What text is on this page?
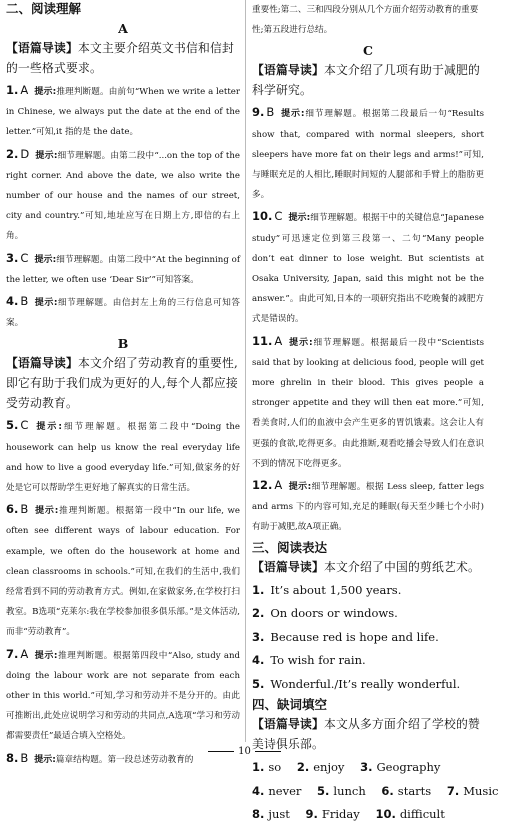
二、阅读理解
A

【语篇导读】本文主要介绍英文书信和信封的一些格式要求。

1. A 提示:推理判断题。由前句“When we write a letter in Chinese, we always put the date at the end of the letter.”可知,it 指的是 the date。

2. D 提示:细节理解题。由第二段中“...on the top of the right corner. And above the date, we also write the number of our house and the names of our street, city and country.”可知,地址应写在日期上方,即信的右上角。

3. C 提示:细节理解题。由第二段中“At the beginning of the letter, we often use ‘Dear Sir’”可知答案。

4. B 提示:细节理解题。由信封左上角的三行信息可知答案。

B

【语篇导读】本文介绍了劳动教育的重要性,即它有助于我们成为更好的人,每个人都应接受劳动教育。

5. C 提示:细节理解题。根据第二段中“Doing the housework can help us know the real everyday life and how to live a good everyday life.”可知,做家务的好处是它可以帮助学生更好地了解真实的日常生活。

6. B 提示:推理判断题。根据第一段中“In our life, we often see different ways of labour education. For example, we often do the housework at home and clean classrooms in schools.”可知,在我们的生活中,我们经常看到不同的劳动教育方式。例如,在家做家务,在学校打扫教室。B选项“克莱尔:我在学校参加很多俱乐部。”是文体活动,而非“劳动教育”。

7. A 提示:推理判断题。根据第四段中“Also, study and doing the labour work are not separate from each other in this world.”可知,学习和劳动并不是分开的。由此可推断出,此处应说明学习和劳动的共同点,A选项“学习和劳动都需要责任”最适合填入空格处。

8. B 提示:篇章结构题。第一段总述劳动教育的

重要性;第二、三和四段分别从几个方面介绍劳动教育的重要性;第五段进行总结。

C

【语篇导读】本文介绍了几项有助于减肥的科学研究。

9. B 提示:细节理解题。根据第二段最后一句“Results show that, compared with normal sleepers, short sleepers have more fat on their legs and arms!”可知,与睡眠充足的人相比,睡眠时间短的人腿部和手臂上的脂肪更多。

10. C 提示:细节理解题。根据干中的关键信息“Japanese study”可迅速定位到第三段第一、二句“Many people don’t eat dinner to lose weight. But scientists at Osaka University, Japan, said this might not be the answer.”。由此可知,日本的一项研究指出不吃晚餐的减肥方式是错误的。

11. A 提示:细节理解题。根据最后一段中“Scientists said that by looking at delicious food, people will get more ghrelin in their blood. This gives people a stronger appetite and they will then eat more.”可知,看美食时,人们的血液中会产生更多的胃饥饿素。这会让人有更强的食欲,吃得更多。由此推断,观看吃播会导致人们在意识不到的情况下吃得更多。

12. A 提示:细节理解题。根据 Less sleep, fatter legs and arms 下的内容可知,充足的睡眠(每天至少睡七个小时)有助于减肥,故A项正确。

三、阅读表达

【语篇导读】本文介绍了中国的剪纸艺术。

1. It’s about 1,500 years.

2. On doors or windows.

3. Because red is hope and life.

4. To wish for rain.

5. Wonderful./It’s really wonderful.

四、缺词填空

【语篇导读】本文从多方面介绍了学校的赞美诗俱乐部。

1. so 2. enjoy 3. Geography

4. never 5. lunch 6. starts 7. Music

8. just 9. Friday 10. difficult

10
